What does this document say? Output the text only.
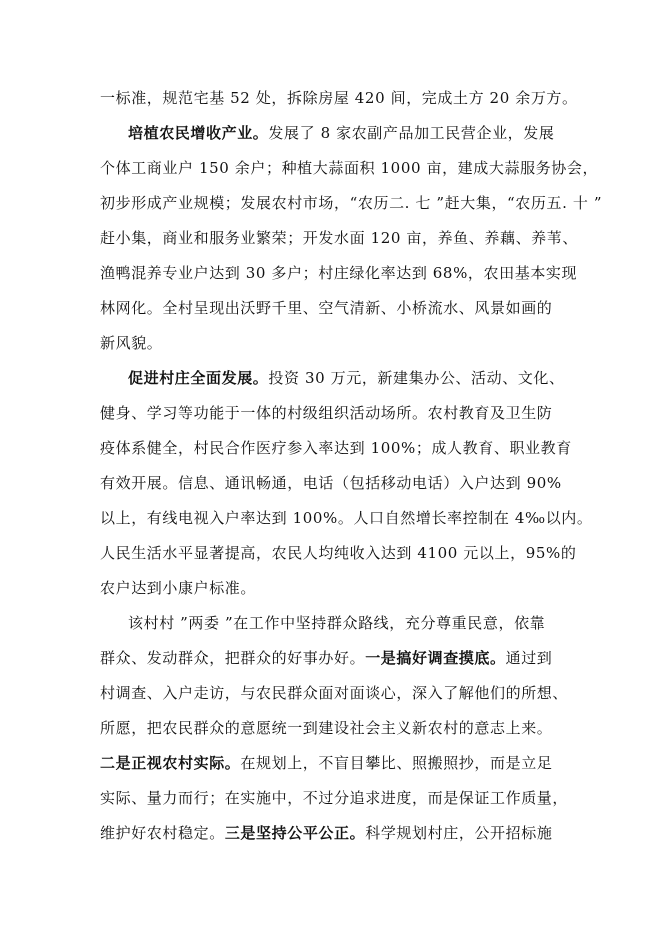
一标准，规范宅基 52 处，拆除房屋 420 间，完成土方 20 余万方。
培植农民增收产业。发展了 8 家农副产品加工民营企业，发展
个体工商业户 150 余户；种植大蒜面积 1000 亩，建成大蒜服务协会，
初步形成产业规模；发展农村市场，“农历二. 七 ”赶大集，“农历五. 十 ”
赶小集，商业和服务业繁荣；开发水面 120 亩，养鱼、养藕、养苇、
渔鸭混养专业户达到 30 多户；村庄绿化率达到 68%，农田基本实现
林网化。全村呈现出沃野千里、空气清新、小桥流水、风景如画的
新风貌。
促进村庄全面发展。投资 30 万元，新建集办公、活动、文化、
健身、学习等功能于一体的村级组织活动场所。农村教育及卫生防
疫体系健全，村民合作医疗参入率达到 100%；成人教育、职业教育
有效开展。信息、通讯畅通，电话（包括移动电话）入户达到 90%
以上，有线电视入户率达到 100%。人口自然增长率控制在 4‰以内。
人民生活水平显著提高，农民人均纯收入达到 4100 元以上，95%的
农户达到小康户标准。
该村村 ”两委 ”在工作中坚持群众路线，充分尊重民意，依靠
群众、发动群众，把群众的好事办好。一是搞好调查摸底。通过到
村调查、入户走访，与农民群众面对面谈心，深入了解他们的所想、
所愿，把农民群众的意愿统一到建设社会主义新农村的意志上来。
二是正视农村实际。在规划上，不盲目攀比、照搬照抄，而是立足
实际、量力而行；在实施中，不过分追求进度，而是保证工作质量，
维护好农村稳定。三是坚持公平公正。科学规划村庄，公开招标施
